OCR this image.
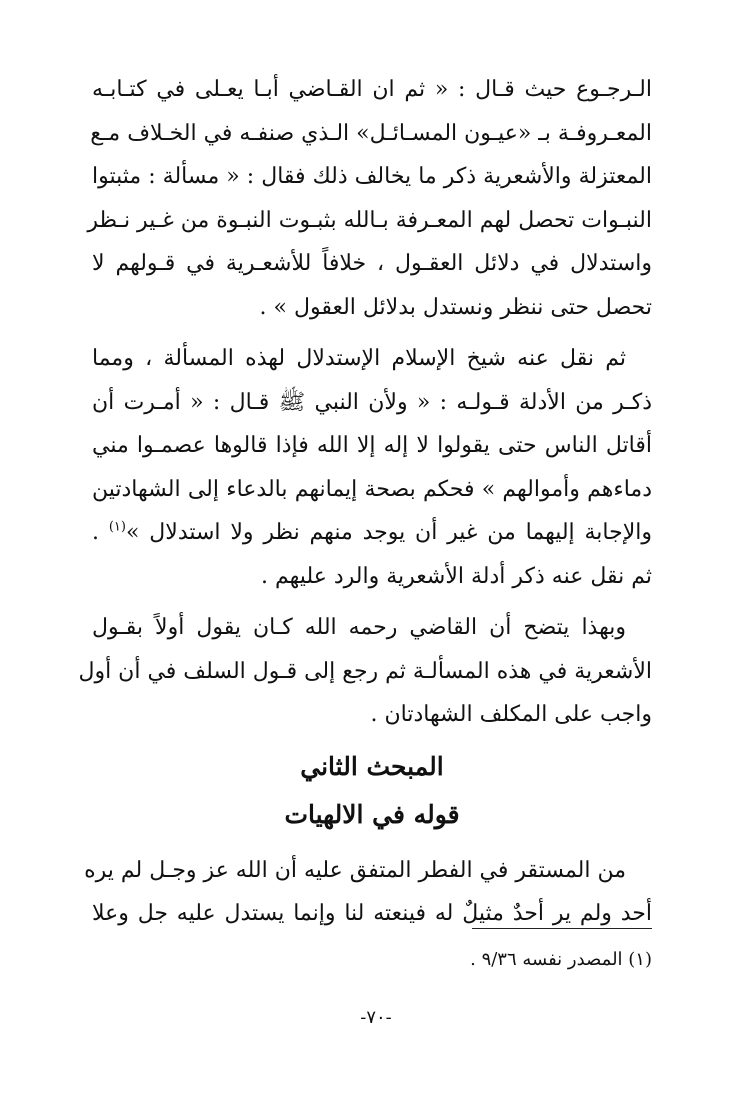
الـرجـوع حيث قـال : « ثم ان القـاضي أبـا يعـلى في كتـابـه
المعـروفـة بـ «عيـون المسـائـل» الـذي صنفـه في الخـلاف مـع
المعتزلة والأشعرية ذكر ما يخالف ذلك فقال : « مسألة : مثبتوا
النبـوات تحصل لهم المعـرفة بـالله بثبـوت النبـوة من غـير نـظر
واستدلال في دلائل العقـول ، خلافاً للأشعـرية في قـولهم لا
تحصل حتى ننظر ونستدل بدلائل العقول » .
ثم نقل عنه شيخ الإسلام الإستدلال لهذه المسألة ، ومما
ذكـر من الأدلة قـولـه : « ولأن النبي ﷺ قـال : « أمـرت أن
أقاتل الناس حتى يقولوا لا إله إلا الله فإذا قالوها عصمـوا مني
دماءهم وأموالهم » فحكم بصحة إيمانهم بالدعاء إلى الشهادتين
والإجابة إليهما من غير أن يوجد منهم نظر ولا استدلال »$^{(١)}$ .
ثم نقل عنه ذكر أدلة الأشعرية والرد عليهم .
وبهذا يتضح أن القاضي رحمه الله كـان يقول أولاً بقـول
الأشعرية في هذه المسألـة ثم رجع إلى قـول السلف في أن أول
واجب على المكلف الشهادتان .

المبحث الثاني

قوله في الالهيات

من المستقر في الفطر المتفق عليه أن الله عز وجـل لم يره
أحد ولم ير أحدٌ مثيلٌ له فينعته لنا وإنما يستدل عليه جل وعلا
(١) المصدر نفسه ٩/٣٦ .
-٧٠-
